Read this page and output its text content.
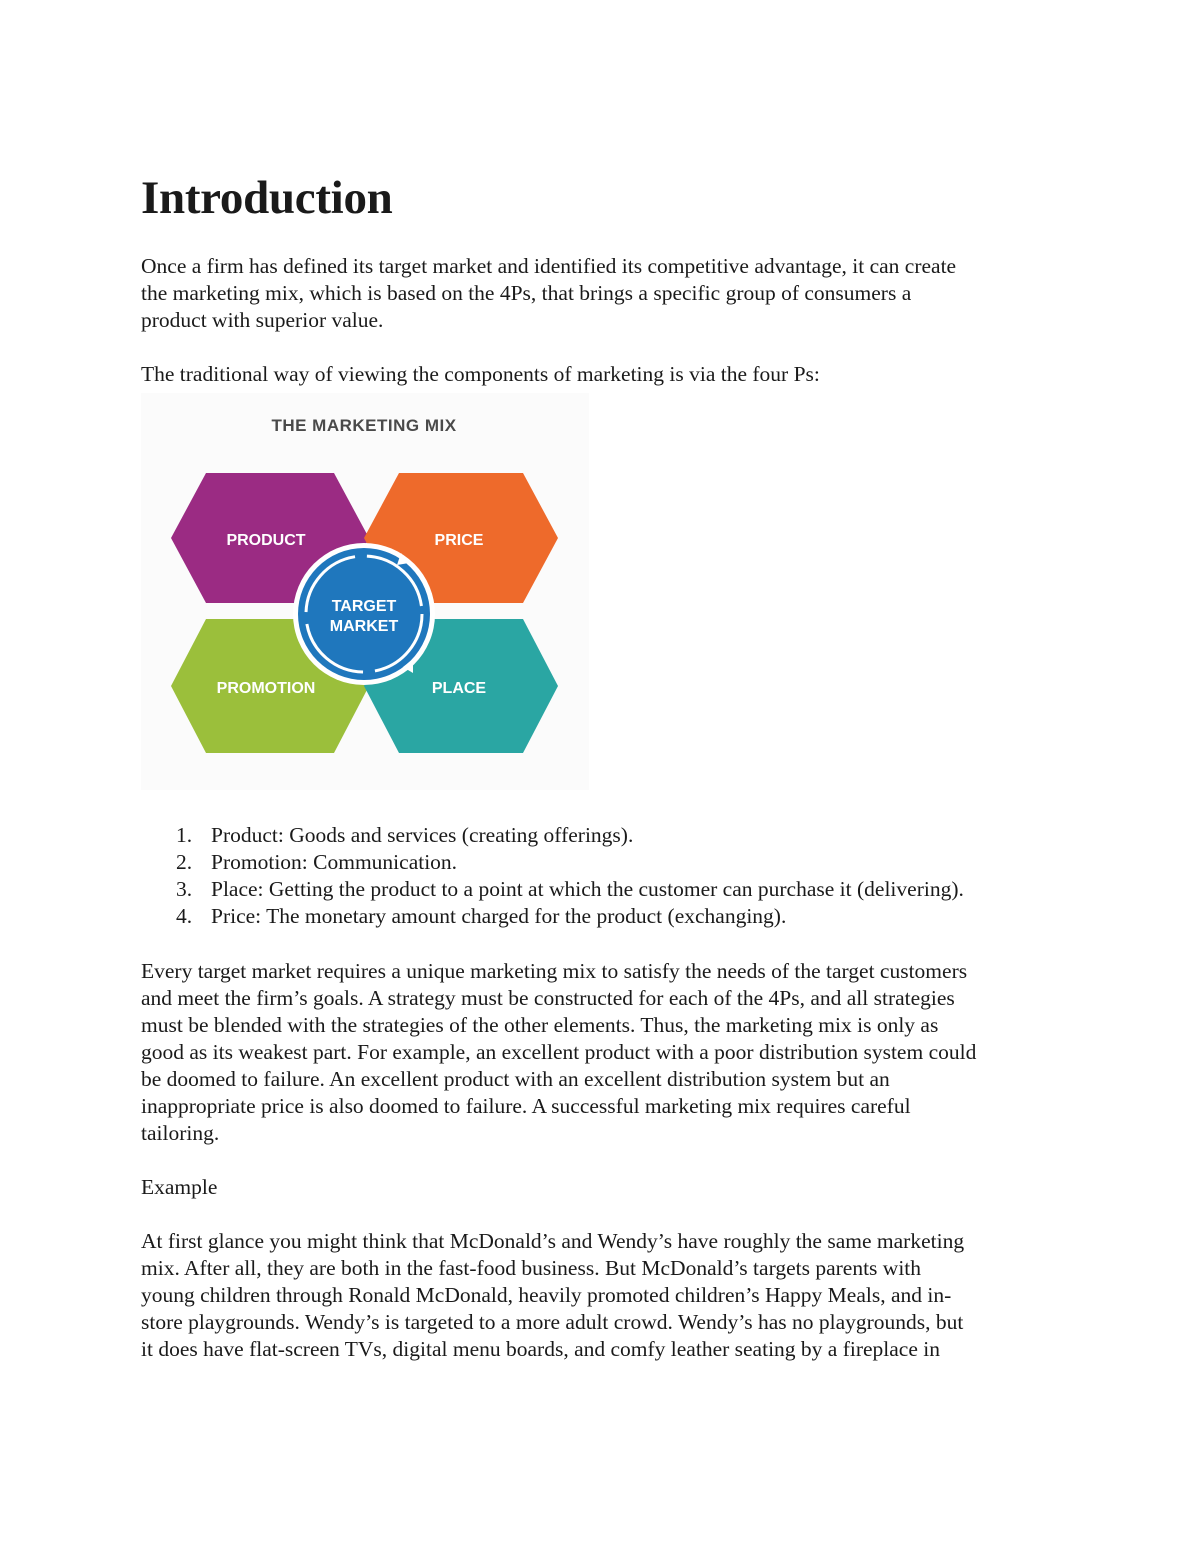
Introduction

Once a firm has defined its target market and identified its competitive advantage, it can create
the marketing mix, which is based on the 4Ps, that brings a specific group of consumers a
product with superior value.

The traditional way of viewing the components of marketing is via the four Ps:

THE MARKETING MIX
PRODUCT	PRICE
PROMOTION	PLACE
TARGET
MARKET
1. Product: Goods and services (creating offerings).
2. Promotion: Communication.
3. Place: Getting the product to a point at which the customer can purchase it (delivering).
4. Price: The monetary amount charged for the product (exchanging).

Every target market requires a unique marketing mix to satisfy the needs of the target customers
and meet the firm’s goals. A strategy must be constructed for each of the 4Ps, and all strategies
must be blended with the strategies of the other elements. Thus, the marketing mix is only as
good as its weakest part. For example, an excellent product with a poor distribution system could
be doomed to failure. An excellent product with an excellent distribution system but an
inappropriate price is also doomed to failure. A successful marketing mix requires careful
tailoring.

Example

At first glance you might think that McDonald’s and Wendy’s have roughly the same marketing
mix. After all, they are both in the fast-food business. But McDonald’s targets parents with
young children through Ronald McDonald, heavily promoted children’s Happy Meals, and in-
store playgrounds. Wendy’s is targeted to a more adult crowd. Wendy’s has no playgrounds, but
it does have flat-screen TVs, digital menu boards, and comfy leather seating by a fireplace in
